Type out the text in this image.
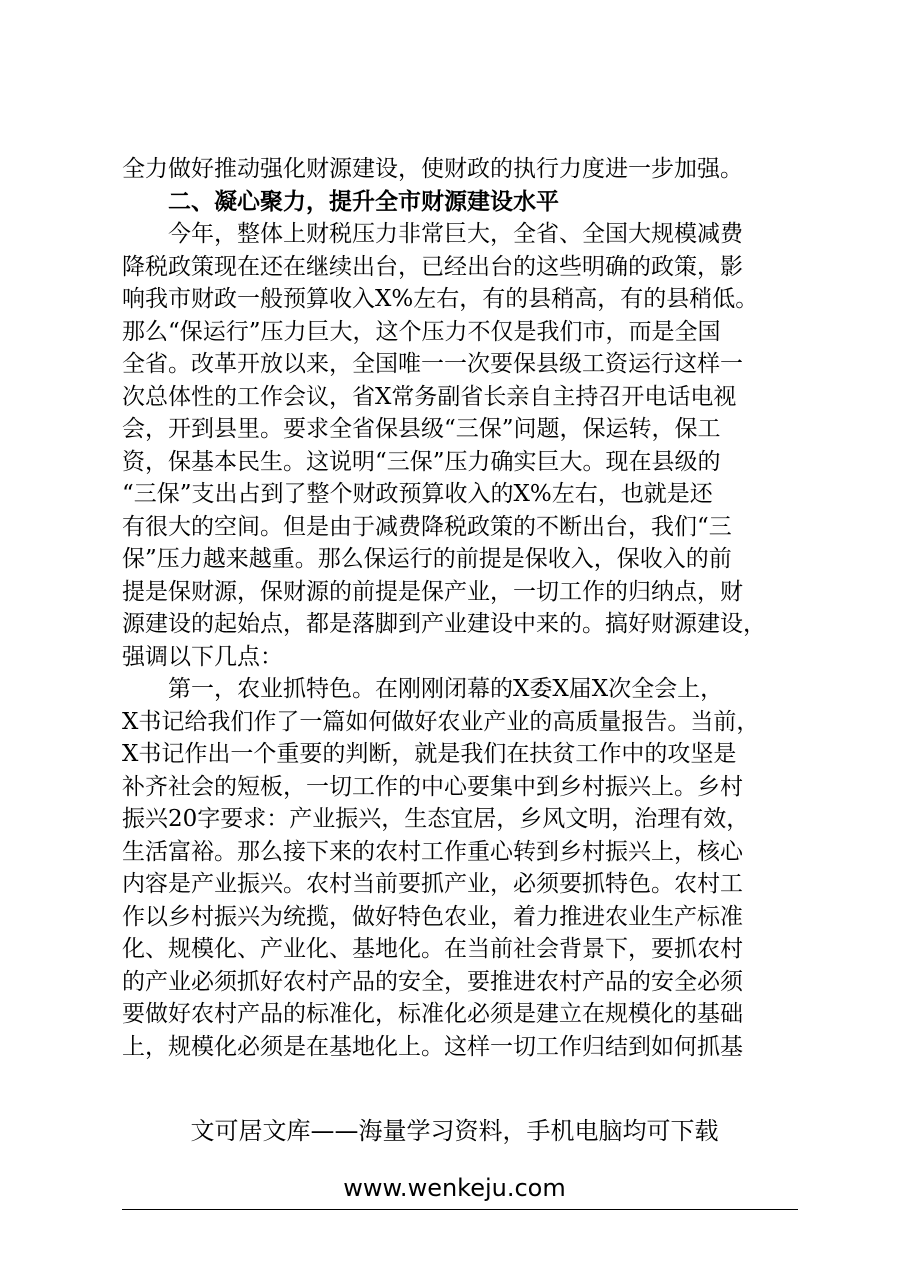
全力做好推动强化财源建设，使财政的执行力度进一步加强。
二、凝心聚力，提升全市财源建设水平
今年，整体上财税压力非常巨大，全省、全国大规模减费
降税政策现在还在继续出台，已经出台的这些明确的政策，影
响我市财政一般预算收入X%左右，有的县稍高，有的县稍低。
那么“保运行”压力巨大，这个压力不仅是我们市，而是全国
全省。改革开放以来，全国唯一一次要保县级工资运行这样一
次总体性的工作会议，省X常务副省长亲自主持召开电话电视
会，开到县里。要求全省保县级“三保”问题，保运转，保工
资，保基本民生。这说明“三保”压力确实巨大。现在县级的
“三保”支出占到了整个财政预算收入的X%左右，也就是还
有很大的空间。但是由于减费降税政策的不断出台，我们“三
保”压力越来越重。那么保运行的前提是保收入，保收入的前
提是保财源，保财源的前提是保产业，一切工作的归纳点，财
源建设的起始点，都是落脚到产业建设中来的。搞好财源建设，
强调以下几点：
第一，农业抓特色。在刚刚闭幕的X委X届X次全会上，
X书记给我们作了一篇如何做好农业产业的高质量报告。当前，
X书记作出一个重要的判断，就是我们在扶贫工作中的攻坚是
补齐社会的短板，一切工作的中心要集中到乡村振兴上。乡村
振兴20字要求：产业振兴，生态宜居，乡风文明，治理有效，
生活富裕。那么接下来的农村工作重心转到乡村振兴上，核心
内容是产业振兴。农村当前要抓产业，必须要抓特色。农村工
作以乡村振兴为统揽，做好特色农业，着力推进农业生产标准
化、规模化、产业化、基地化。在当前社会背景下，要抓农村
的产业必须抓好农村产品的安全，要推进农村产品的安全必须
要做好农村产品的标准化，标准化必须是建立在规模化的基础
上，规模化必须是在基地化上。这样一切工作归结到如何抓基
文可居文库——海量学习资料，手机电脑均可下载
www.wenkeju.com
